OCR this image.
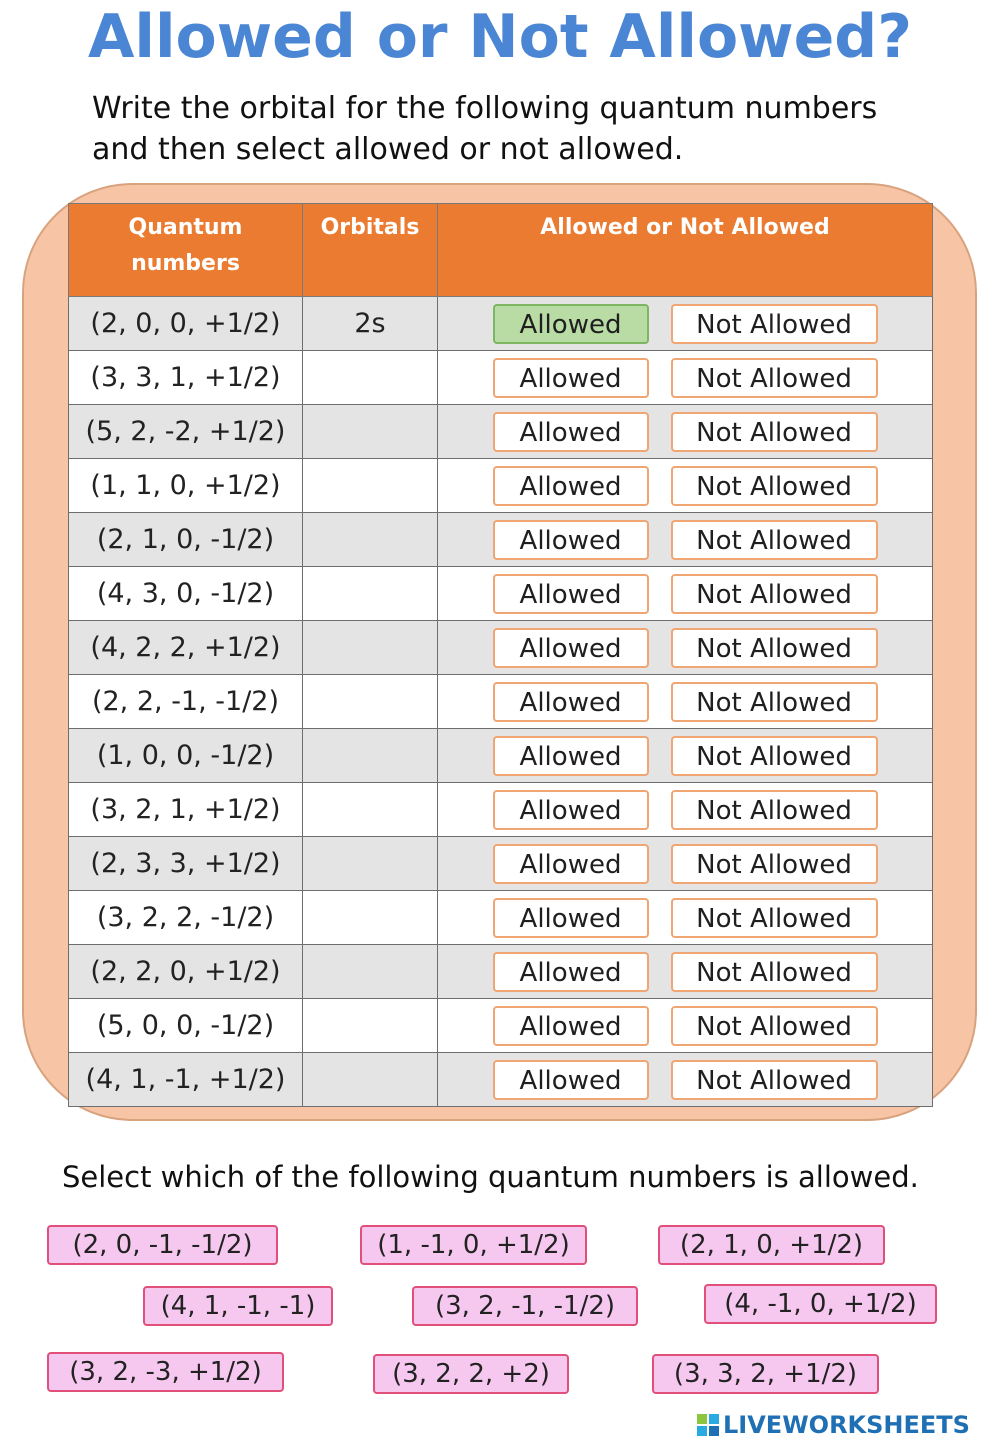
Allowed or Not Allowed?
Write the orbital for the following quantum numbers and then select allowed or not allowed.
Quantum numbers	Orbitals	Allowed or Not Allowed
(2, 0, 0, +1/2)	2s	Allowed Not Allowed

(3, 3, 1, +1/2)		Allowed Not Allowed

(5, 2, -2, +1/2)		Allowed Not Allowed

(1, 1, 0, +1/2)		Allowed Not Allowed

(2, 1, 0, -1/2)		Allowed Not Allowed

(4, 3, 0, -1/2)		Allowed Not Allowed

(4, 2, 2, +1/2)		Allowed Not Allowed

(2, 2, -1, -1/2)		Allowed Not Allowed

(1, 0, 0, -1/2)		Allowed Not Allowed

(3, 2, 1, +1/2)		Allowed Not Allowed

(2, 3, 3, +1/2)		Allowed Not Allowed

(3, 2, 2, -1/2)		Allowed Not Allowed

(2, 2, 0, +1/2)		Allowed Not Allowed

(5, 0, 0, -1/2)		Allowed Not Allowed

(4, 1, -1, +1/2)		Allowed Not Allowed
Select which of the following quantum numbers is allowed.
(2, 0, -1, -1/2)	(1, -1, 0, +1/2)	(2, 1, 0, +1/2)
(4, 1, -1, -1)	(3, 2, -1, -1/2)	(4, -1, 0, +1/2)
(3, 2, -3, +1/2)	(3, 2, 2, +2)	(3, 3, 2, +1/2)
LIVEWORKSHEETS
